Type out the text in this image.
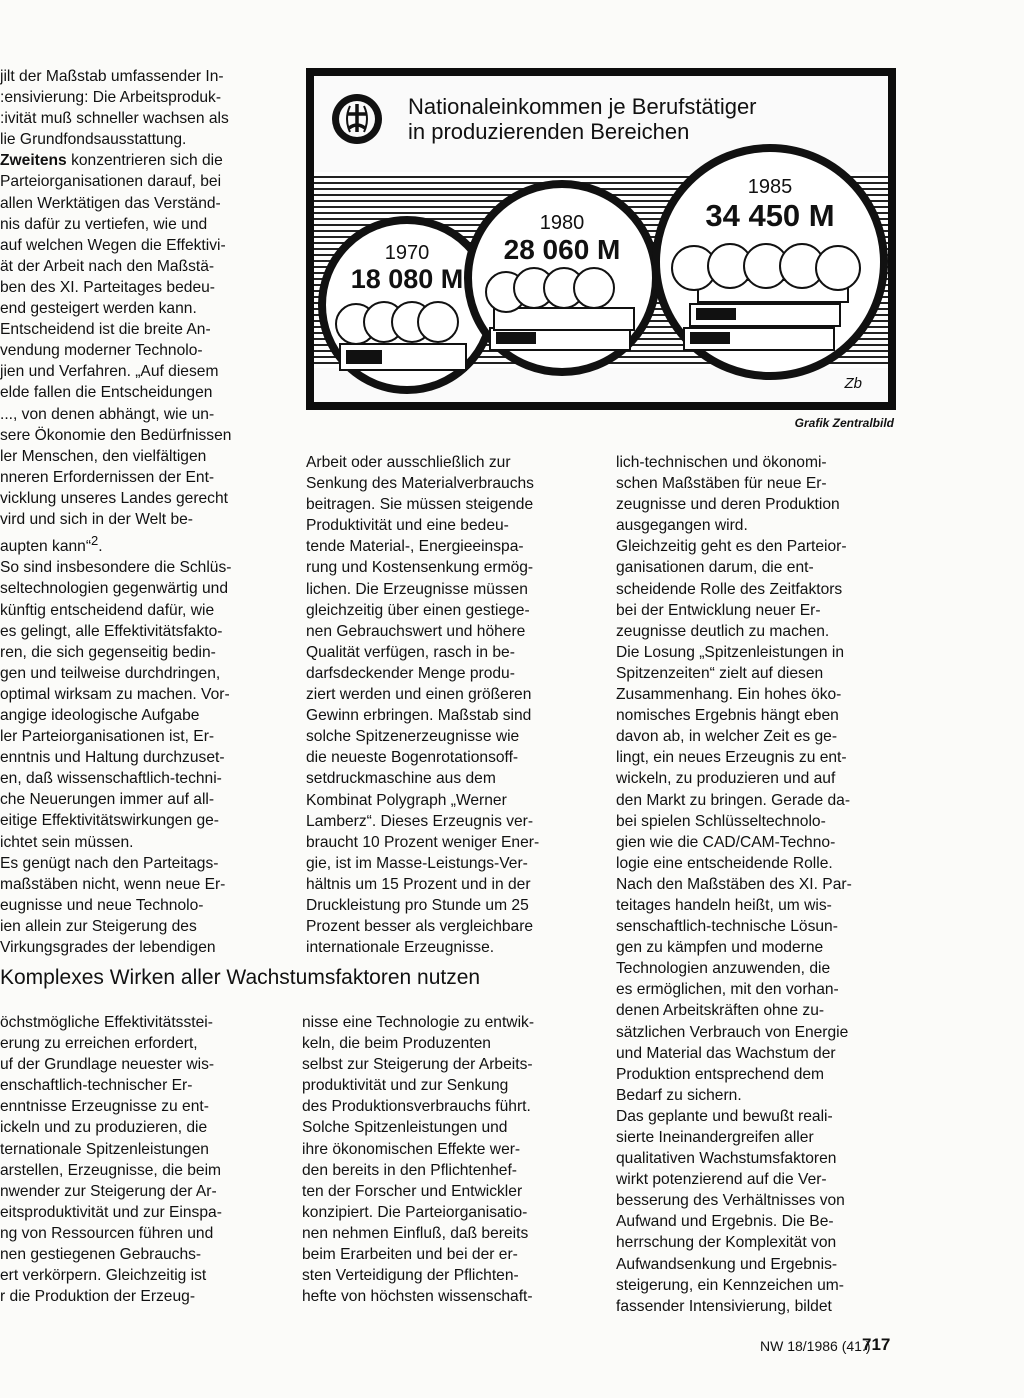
Nationaleinkommen je Berufstätiger
in produzierenden Bereichen
1970
18 080 M
1980
28 060 M
1985
34 450 M
Zb
Grafik Zentralbild

jilt der Maßstab umfassender In-

:ensivierung: Die Arbeitsproduk-

:ivität muß schneller wachsen als

lie Grundfondsausstattung.

Zweitens konzentrieren sich die

Parteiorganisationen darauf, bei

allen Werktätigen das Verständ-

nis dafür zu vertiefen, wie und

auf welchen Wegen die Effektivi-

ät der Arbeit nach den Maßstä-

ben des XI. Parteitages bedeu-

end gesteigert werden kann.

Entscheidend ist die breite An-

vendung moderner Technolo-

jien und Verfahren. „Auf diesem

elde fallen die Entscheidungen

..., von denen abhängt, wie un-

sere Ökonomie den Bedürfnissen

ler Menschen, den vielfältigen

nneren Erfordernissen der Ent-

vicklung unseres Landes gerecht

vird und sich in der Welt be-

aupten kann“$^2$.

So sind insbesondere die Schlüs-

seltechnologien gegenwärtig und

künftig entscheidend dafür, wie

es gelingt, alle Effektivitätsfakto-

ren, die sich gegenseitig bedin-

gen und teilweise durchdringen,

optimal wirksam zu machen. Vor-

angige ideologische Aufgabe

ler Parteiorganisationen ist, Er-

enntnis und Haltung durchzuset-

en, daß wissenschaftlich-techni-

che Neuerungen immer auf all-

eitige Effektivitätswirkungen ge-

ichtet sein müssen.

Es genügt nach den Parteitags-

maßstäben nicht, wenn neue Er-

eugnisse und neue Technolo-

ien allein zur Steigerung des

Virkungsgrades der lebendigen

Arbeit oder ausschließlich zur

Senkung des Materialverbrauchs

beitragen. Sie müssen steigende

Produktivität und eine bedeu-

tende Material-, Energieeinspa-

rung und Kostensenkung ermög-

lichen. Die Erzeugnisse müssen

gleichzeitig über einen gestiege-

nen Gebrauchswert und höhere

Qualität verfügen, rasch in be-

darfsdeckender Menge produ-

ziert werden und einen größeren

Gewinn erbringen. Maßstab sind

solche Spitzenerzeugnisse wie

die neueste Bogenrotationsoff-

setdruckmaschine aus dem

Kombinat Polygraph „Werner

Lamberz“. Dieses Erzeugnis ver-

braucht 10 Prozent weniger Ener-

gie, ist im Masse-Leistungs-Ver-

hältnis um 15 Prozent und in der

Druckleistung pro Stunde um 25

Prozent besser als vergleichbare

internationale Erzeugnisse.

lich-technischen und ökonomi-

schen Maßstäben für neue Er-

zeugnisse und deren Produktion

ausgegangen wird.

Gleichzeitig geht es den Parteior-

ganisationen darum, die ent-

scheidende Rolle des Zeitfaktors

bei der Entwicklung neuer Er-

zeugnisse deutlich zu machen.

Die Losung „Spitzenleistungen in

Spitzenzeiten“ zielt auf diesen

Zusammenhang. Ein hohes öko-

nomisches Ergebnis hängt eben

davon ab, in welcher Zeit es ge-

lingt, ein neues Erzeugnis zu ent-

wickeln, zu produzieren und auf

den Markt zu bringen. Gerade da-

bei spielen Schlüsseltechnolo-

gien wie die CAD/CAM-Techno-

logie eine entscheidende Rolle.

Nach den Maßstäben des XI. Par-

teitages handeln heißt, um wis-

senschaftlich-technische Lösun-

gen zu kämpfen und moderne

Technologien anzuwenden, die

es ermöglichen, mit den vorhan-

denen Arbeitskräften ohne zu-

sätzlichen Verbrauch von Energie

und Material das Wachstum der

Produktion entsprechend dem

Bedarf zu sichern.

Das geplante und bewußt reali-

sierte Ineinandergreifen aller

qualitativen Wachstumsfaktoren

wirkt potenzierend auf die Ver-

besserung des Verhältnisses von

Aufwand und Ergebnis. Die Be-

herrschung der Komplexität von

Aufwandsenkung und Ergebnis-

steigerung, ein Kennzeichen um-

fassender Intensivierung, bildet

Komplexes Wirken aller Wachstumsfaktoren nutzen

öchstmögliche Effektivitätsstei-

erung zu erreichen erfordert,

uf der Grundlage neuester wis-

enschaftlich-technischer Er-

enntnisse Erzeugnisse zu ent-

ickeln und zu produzieren, die

ternationale Spitzenleistungen

arstellen, Erzeugnisse, die beim

nwender zur Steigerung der Ar-

eitsproduktivität und zur Einspa-

ng von Ressourcen führen und

nen gestiegenen Gebrauchs-

ert verkörpern. Gleichzeitig ist

r die Produktion der Erzeug-

nisse eine Technologie zu entwik-

keln, die beim Produzenten

selbst zur Steigerung der Arbeits-

produktivität und zur Senkung

des Produktionsverbrauchs führt.

Solche Spitzenleistungen und

ihre ökonomischen Effekte wer-

den bereits in den Pflichtenhef-

ten der Forscher und Entwickler

konzipiert. Die Parteiorganisatio-

nen nehmen Einfluß, daß bereits

beim Erarbeiten und bei der er-

sten Verteidigung der Pflichten-

hefte von höchsten wissenschaft-

NW 18/1986 (41.)
717
